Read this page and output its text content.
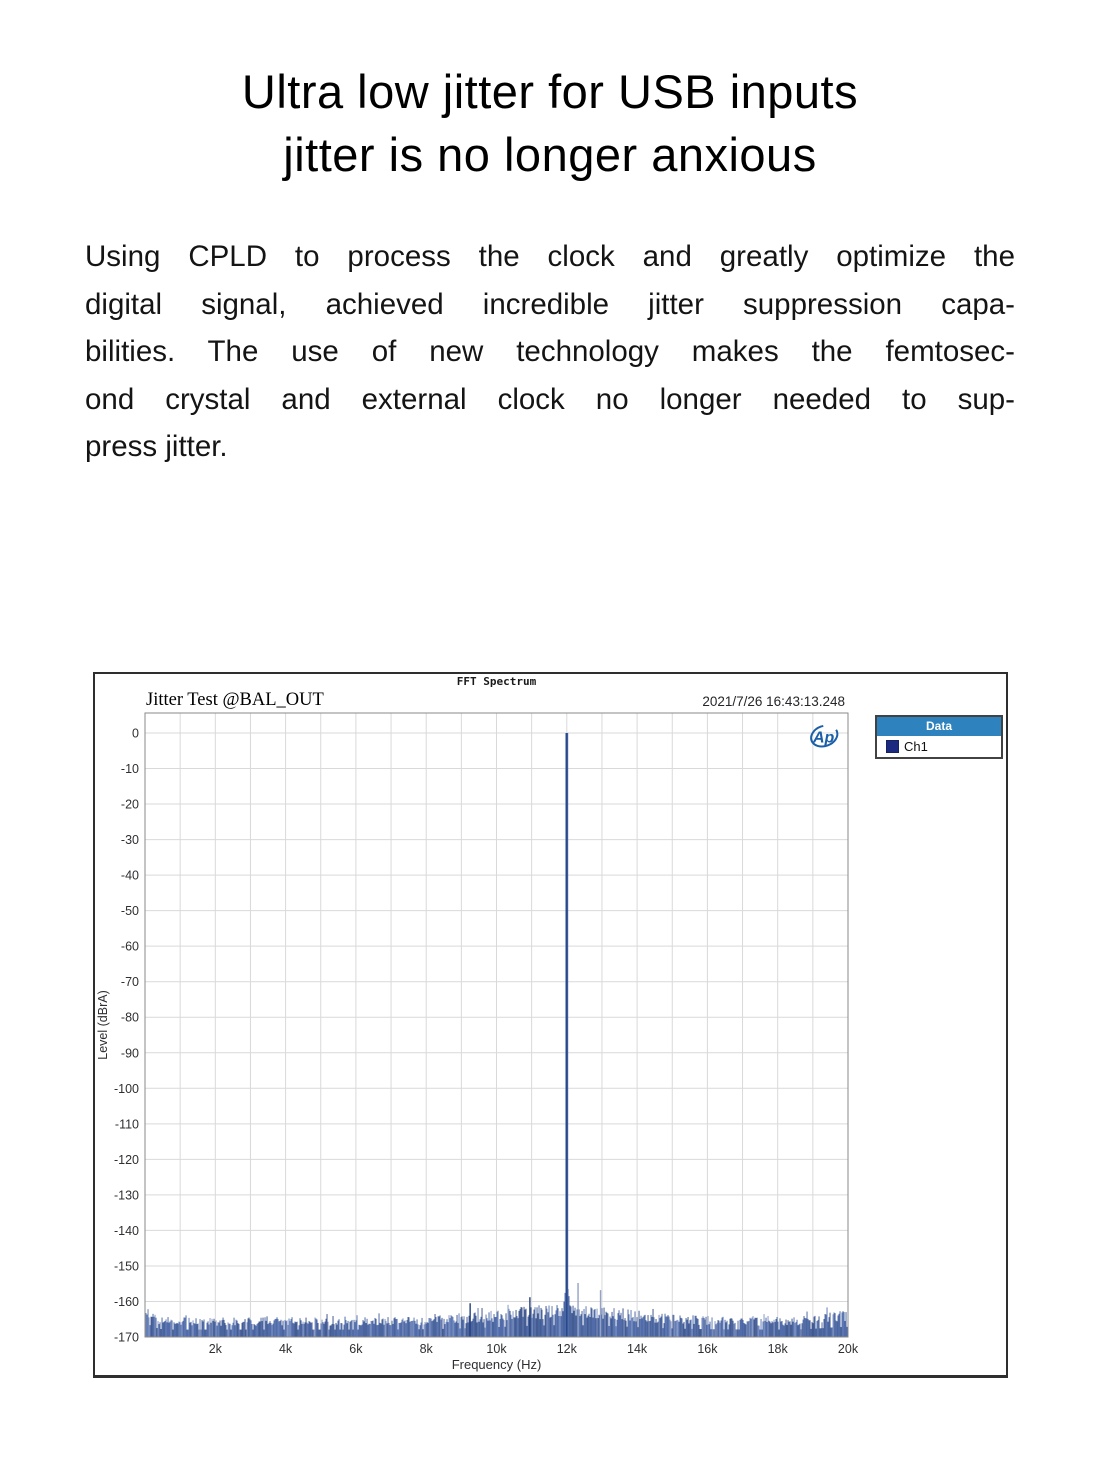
Ultra low jitter for USB inputs
jitter is no longer anxious
Using CPLD to process the clock and greatly optimize the
digital signal, achieved incredible jitter suppression capa-
bilities. The use of new technology makes the femtosec-
ond crystal and external clock no longer needed to sup-
press jitter.
0
-10
-20
-30
-40
-50
-60
-70
-80
-90
-100
-110
-120
-130
-140
-150
-160
-170
2k	4k	6k	8k	10k	12k	14k	16k	18k	20k
Frequency (Hz)
Level (dBrA)
Ap
FFT Spectrum
Jitter Test @BAL_OUT	2021/7/26 16:43:13.248
Data
Ch1
